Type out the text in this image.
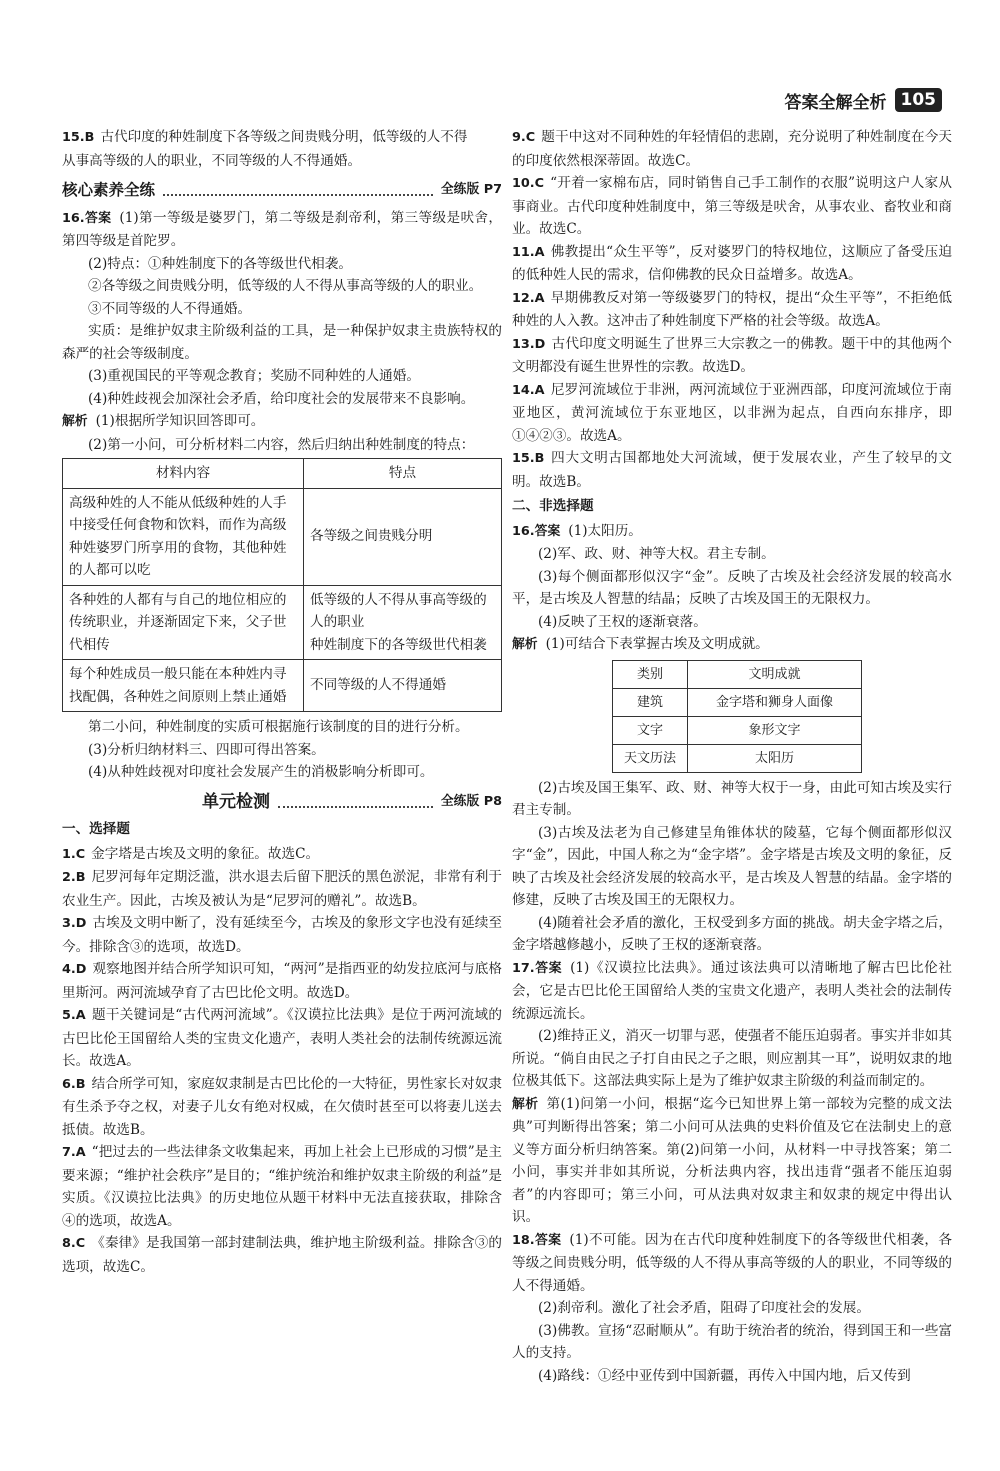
答案全解全析 105

15.B 古代印度的种姓制度下各等级之间贵贱分明，低等级的人不得

从事高等级的人的职业，不同等级的人不得通婚。

核心素养全练	全练版 P7

16.答案 (1)第一等级是婆罗门，第二等级是刹帝利，第三等级是吠舍，第四等级是首陀罗。

(2)特点：①种姓制度下的各等级世代相袭。

②各等级之间贵贱分明，低等级的人不得从事高等级的人的职业。

③不同等级的人不得通婚。

实质：是维护奴隶主阶级利益的工具，是一种保护奴隶主贵族特权的森严的社会等级制度。

(3)重视国民的平等观念教育；奖励不同种姓的人通婚。

(4)种姓歧视会加深社会矛盾，给印度社会的发展带来不良影响。

解析 (1)根据所学知识回答即可。

(2)第一小问，可分析材料二内容，然后归纳出种姓制度的特点：

材料内容	特点
高级种姓的人不能从低级种姓的人手中接受任何食物和饮料，而作为高级种姓婆罗门所享用的食物，其他种姓的人都可以吃	各等级之间贵贱分明
各种姓的人都有与自己的地位相应的传统职业，并逐渐固定下来，父子世代相传	低等级的人不得从事高等级的人的职业
种姓制度下的各等级世代相袭
每个种姓成员一般只能在本种姓内寻找配偶，各种姓之间原则上禁止通婚	不同等级的人不得通婚

第二小问，种姓制度的实质可根据施行该制度的目的进行分析。

(3)分析归纳材料三、四即可得出答案。

(4)从种姓歧视对印度社会发展产生的消极影响分析即可。

单元检测	全练版 P8

一、选择题

1.C 金字塔是古埃及文明的象征。故选C。

2.B 尼罗河每年定期泛滥，洪水退去后留下肥沃的黑色淤泥，非常有利于农业生产。因此，古埃及被认为是“尼罗河的赠礼”。故选B。

3.D 古埃及文明中断了，没有延续至今，古埃及的象形文字也没有延续至今。排除含③的选项，故选D。

4.D 观察地图并结合所学知识可知，“两河”是指西亚的幼发拉底河与底格里斯河。两河流域孕育了古巴比伦文明。故选D。

5.A 题干关键词是“古代两河流域”。《汉谟拉比法典》是位于两河流域的古巴比伦王国留给人类的宝贵文化遗产，表明人类社会的法制传统源远流长。故选A。

6.B 结合所学可知，家庭奴隶制是古巴比伦的一大特征，男性家长对奴隶有生杀予夺之权，对妻子儿女有绝对权威，在欠债时甚至可以将妻儿送去抵债。故选B。

7.A “把过去的一些法律条文收集起来，再加上社会上已形成的习惯”是主要来源；“维护社会秩序”是目的；“维护统治和维护奴隶主阶级的利益”是实质。《汉谟拉比法典》的历史地位从题干材料中无法直接获取，排除含④的选项，故选A。

8.C 《秦律》是我国第一部封建制法典，维护地主阶级利益。排除含③的选项，故选C。

9.C 题干中这对不同种姓的年轻情侣的悲剧，充分说明了种姓制度在今天的印度依然根深蒂固。故选C。

10.C “开着一家棉布店，同时销售自己手工制作的衣服”说明这户人家从事商业。古代印度种姓制度中，第三等级是吠舍，从事农业、畜牧业和商业。故选C。

11.A 佛教提出“众生平等”，反对婆罗门的特权地位，这顺应了备受压迫的低种姓人民的需求，信仰佛教的民众日益增多。故选A。

12.A 早期佛教反对第一等级婆罗门的特权，提出“众生平等”，不拒绝低种姓的人入教。这冲击了种姓制度下严格的社会等级。故选A。

13.D 古代印度文明诞生了世界三大宗教之一的佛教。题干中的其他两个文明都没有诞生世界性的宗教。故选D。

14.A 尼罗河流域位于非洲，两河流域位于亚洲西部，印度河流域位于南亚地区，黄河流域位于东亚地区，以非洲为起点，自西向东排序，即①④②③。故选A。

15.B 四大文明古国都地处大河流域，便于发展农业，产生了较早的文明。故选B。

二、非选择题

16.答案 (1)太阳历。

(2)军、政、财、神等大权。君主专制。

(3)每个侧面都形似汉字“金”。反映了古埃及社会经济发展的较高水平，是古埃及人智慧的结晶；反映了古埃及国王的无限权力。

(4)反映了王权的逐渐衰落。

解析 (1)可结合下表掌握古埃及文明成就。

类别	文明成就
建筑	金字塔和狮身人面像
文字	象形文字
天文历法	太阳历

(2)古埃及国王集军、政、财、神等大权于一身，由此可知古埃及实行君主专制。

(3)古埃及法老为自己修建呈角锥体状的陵墓，它每个侧面都形似汉字“金”，因此，中国人称之为“金字塔”。金字塔是古埃及文明的象征，反映了古埃及社会经济发展的较高水平，是古埃及人智慧的结晶。金字塔的修建，反映了古埃及国王的无限权力。

(4)随着社会矛盾的激化，王权受到多方面的挑战。胡夫金字塔之后，金字塔越修越小，反映了王权的逐渐衰落。

17.答案 (1)《汉谟拉比法典》。通过该法典可以清晰地了解古巴比伦社会，它是古巴比伦王国留给人类的宝贵文化遗产，表明人类社会的法制传统源远流长。

(2)维持正义，消灭一切罪与恶，使强者不能压迫弱者。事实并非如其所说。“倘自由民之子打自由民之子之眼，则应割其一耳”，说明奴隶的地位极其低下。这部法典实际上是为了维护奴隶主阶级的利益而制定的。

解析 第(1)问第一小问，根据“迄今已知世界上第一部较为完整的成文法典”可判断得出答案；第二小问可从法典的史料价值及它在法制史上的意义等方面分析归纳答案。第(2)问第一小问，从材料一中寻找答案；第二小问，事实并非如其所说，分析法典内容，找出违背“强者不能压迫弱者”的内容即可；第三小问，可从法典对奴隶主和奴隶的规定中得出认识。

18.答案 (1)不可能。因为在古代印度种姓制度下的各等级世代相袭，各等级之间贵贱分明，低等级的人不得从事高等级的人的职业，不同等级的人不得通婚。

(2)刹帝利。激化了社会矛盾，阻碍了印度社会的发展。

(3)佛教。宣扬“忍耐顺从”。有助于统治者的统治，得到国王和一些富人的支持。

(4)路线：①经中亚传到中国新疆，再传入中国内地，后又传到
